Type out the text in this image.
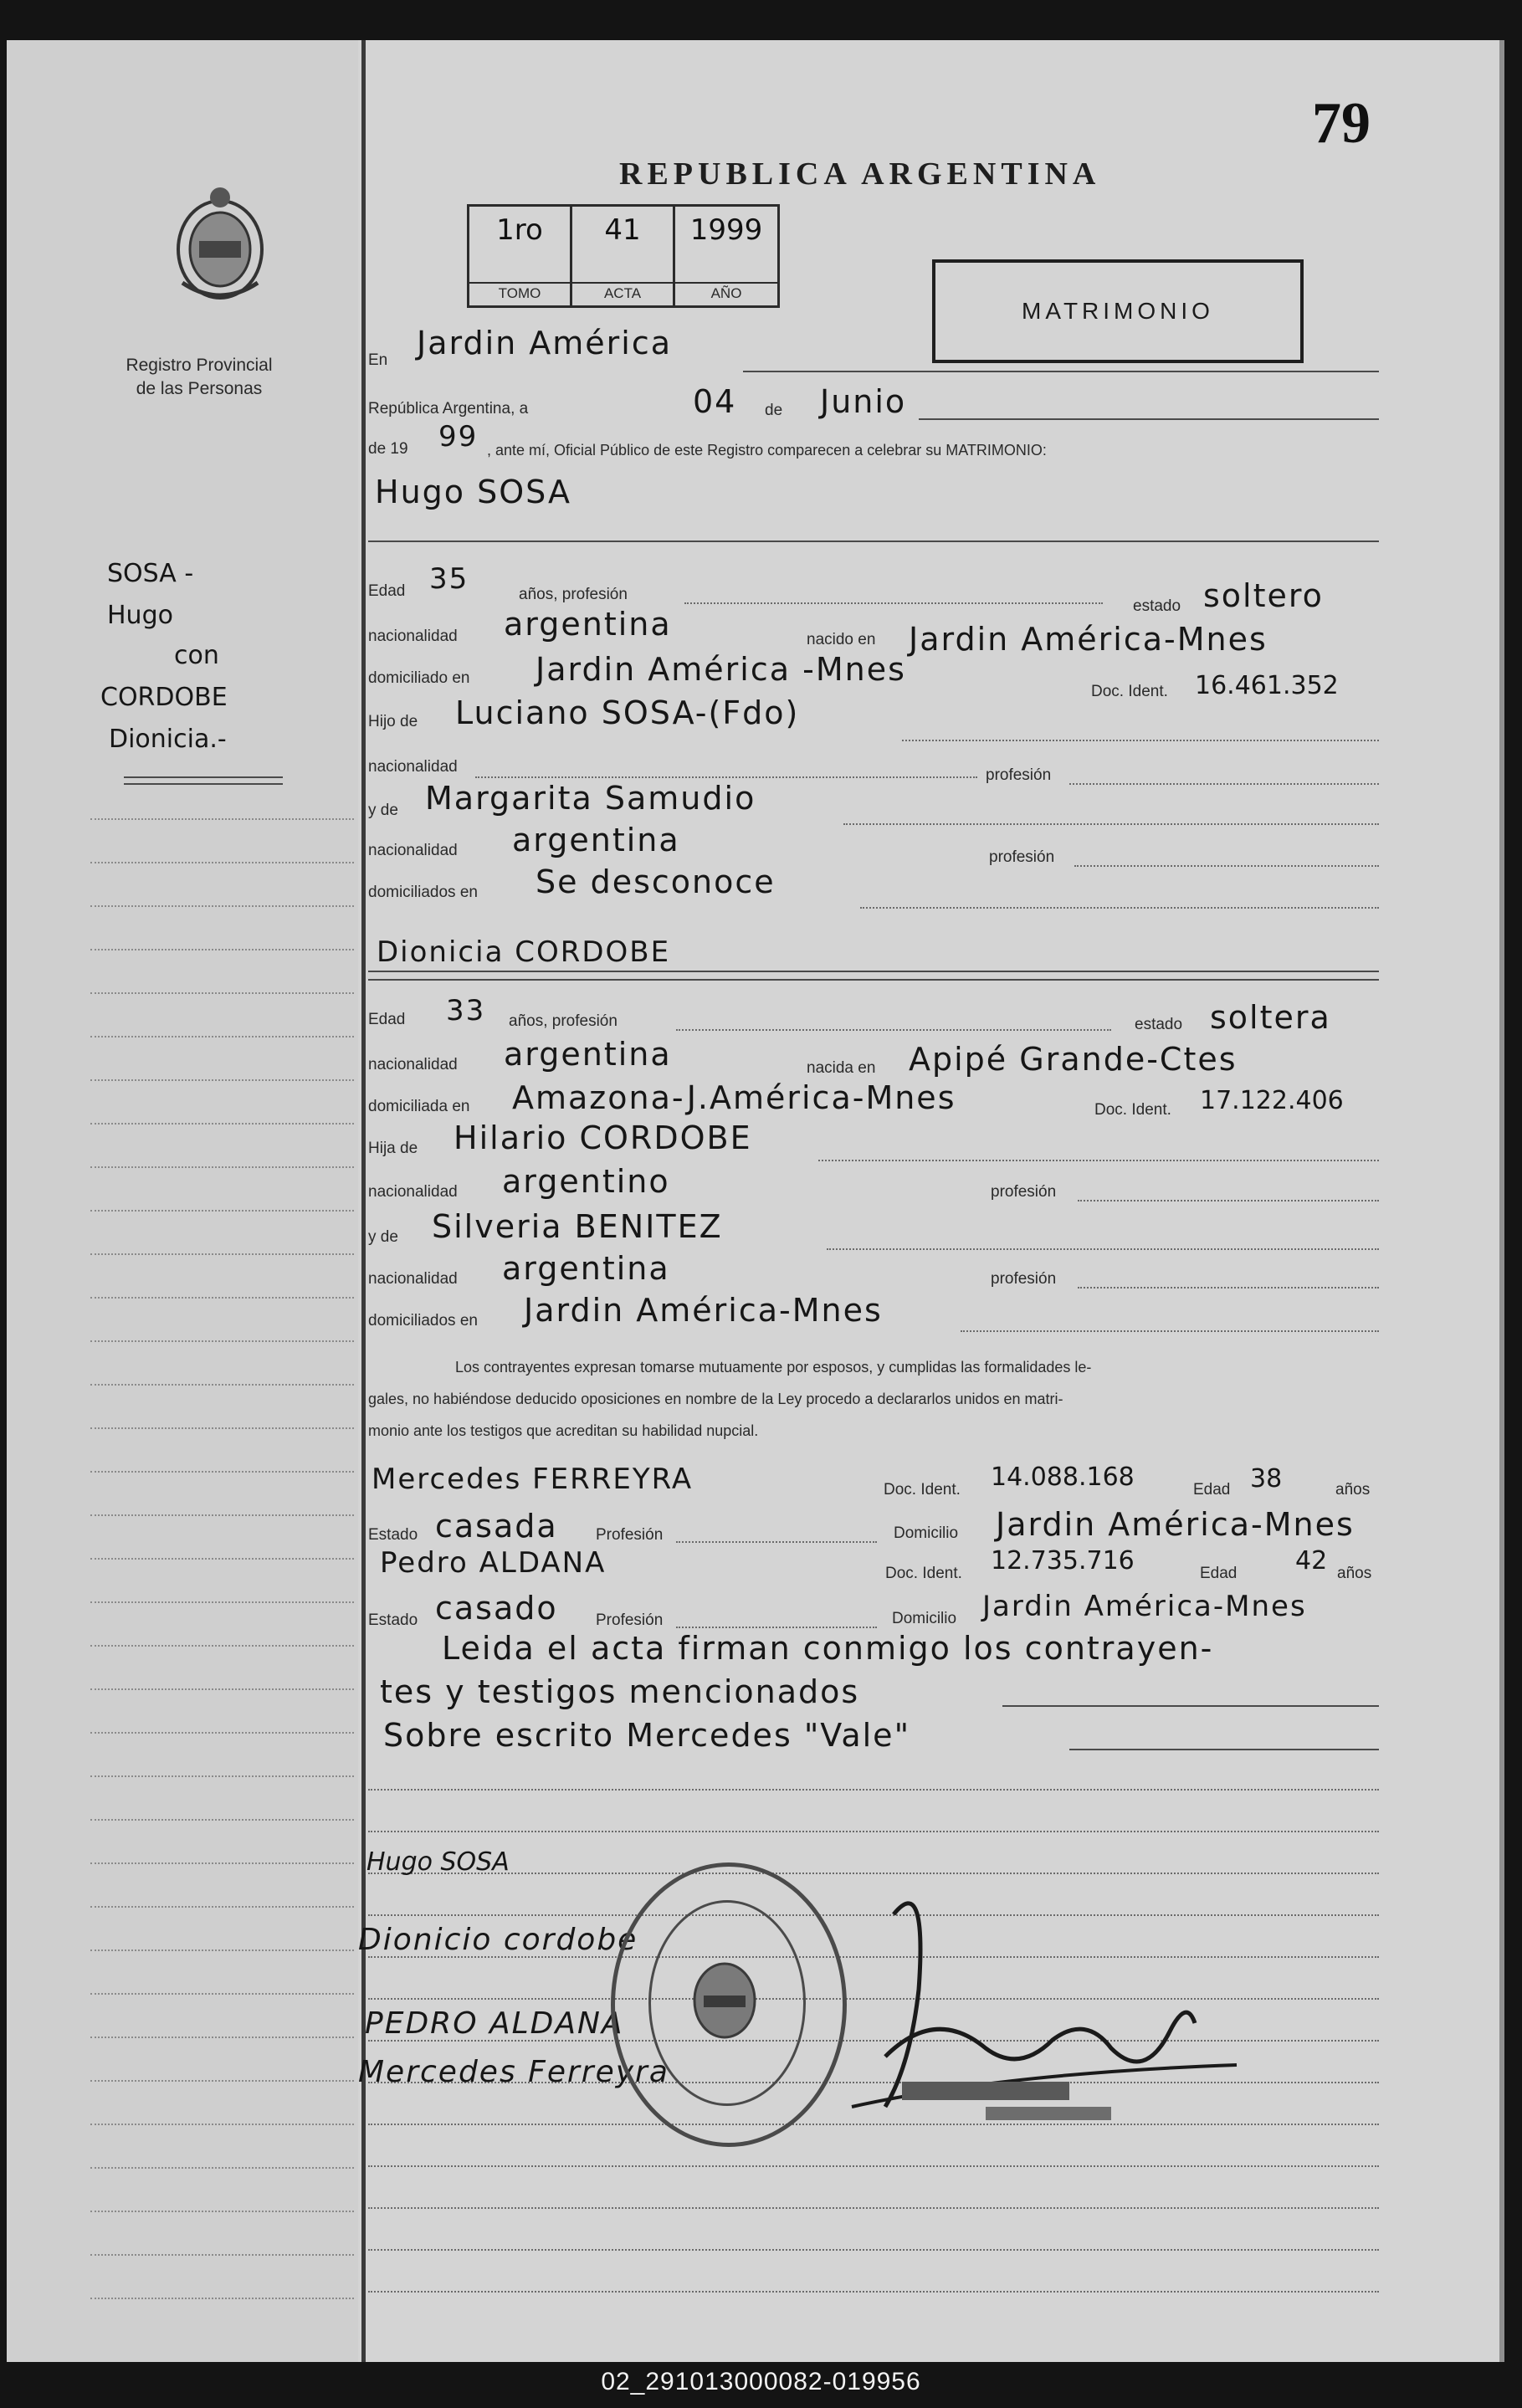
Registro Provincial
de las Personas
SOSA -
Hugo
con
CORDOBE
Dionicia.-
79
REPUBLICA ARGENTINA
1ro
TOMO
41
ACTA
1999
AÑO
MATRIMONIO
En Jardin América
República Argentina, a	04 de Junio
de 19 99 , ante mí, Oficial Público de este Registro comparecen a celebrar su MATRIMONIO:
Hugo SOSA
Edad 35	años, profesión
estado soltero
nacionalidad argentina	nacido en Jardin América-Mnes
domiciliado en Jardin América -Mnes
Doc. Ident. 16.461.352
Hijo de Luciano SOSA-(Fdo)
nacionalidad	profesión
y de Margarita Samudio
nacionalidad argentina	profesión
domiciliados en Se desconoce
Dionicia CORDOBE
Edad 33 años, profesión	estado soltera
nacionalidad argentina	nacida en Apipé Grande-Ctes
domiciliada en Amazona-J.América-Mnes	Doc. Ident. 17.122.406
Hija de Hilario CORDOBE
nacionalidad argentino	profesión
y de Silveria BENITEZ
nacionalidad argentina	profesión
domiciliados en Jardin América-Mnes
Los contrayentes expresan tomarse mutuamente por esposos, y cumplidas las formalidades le-
gales, no habiéndose deducido oposiciones en nombre de la Ley procedo a declararlos unidos en matri-
monio ante los testigos que acreditan su habilidad nupcial.
Mercedes FERREYRA	Doc. Ident. 14.088.168	Edad 38	años
Estado casada Profesión	Domicilio Jardin América-Mnes
Pedro ALDANA	Doc. Ident. 12.735.716	Edad 42 años
Estado casado Profesión	Domicilio Jardin América-Mnes
Leida el acta firman conmigo los contrayen-
tes y testigos mencionados
Sobre escrito Mercedes "Vale"
Hugo SOSA
Dionicio cordobe
PEDRO ALDANA
Mercedes Ferreyra
02_291013000082-019956
